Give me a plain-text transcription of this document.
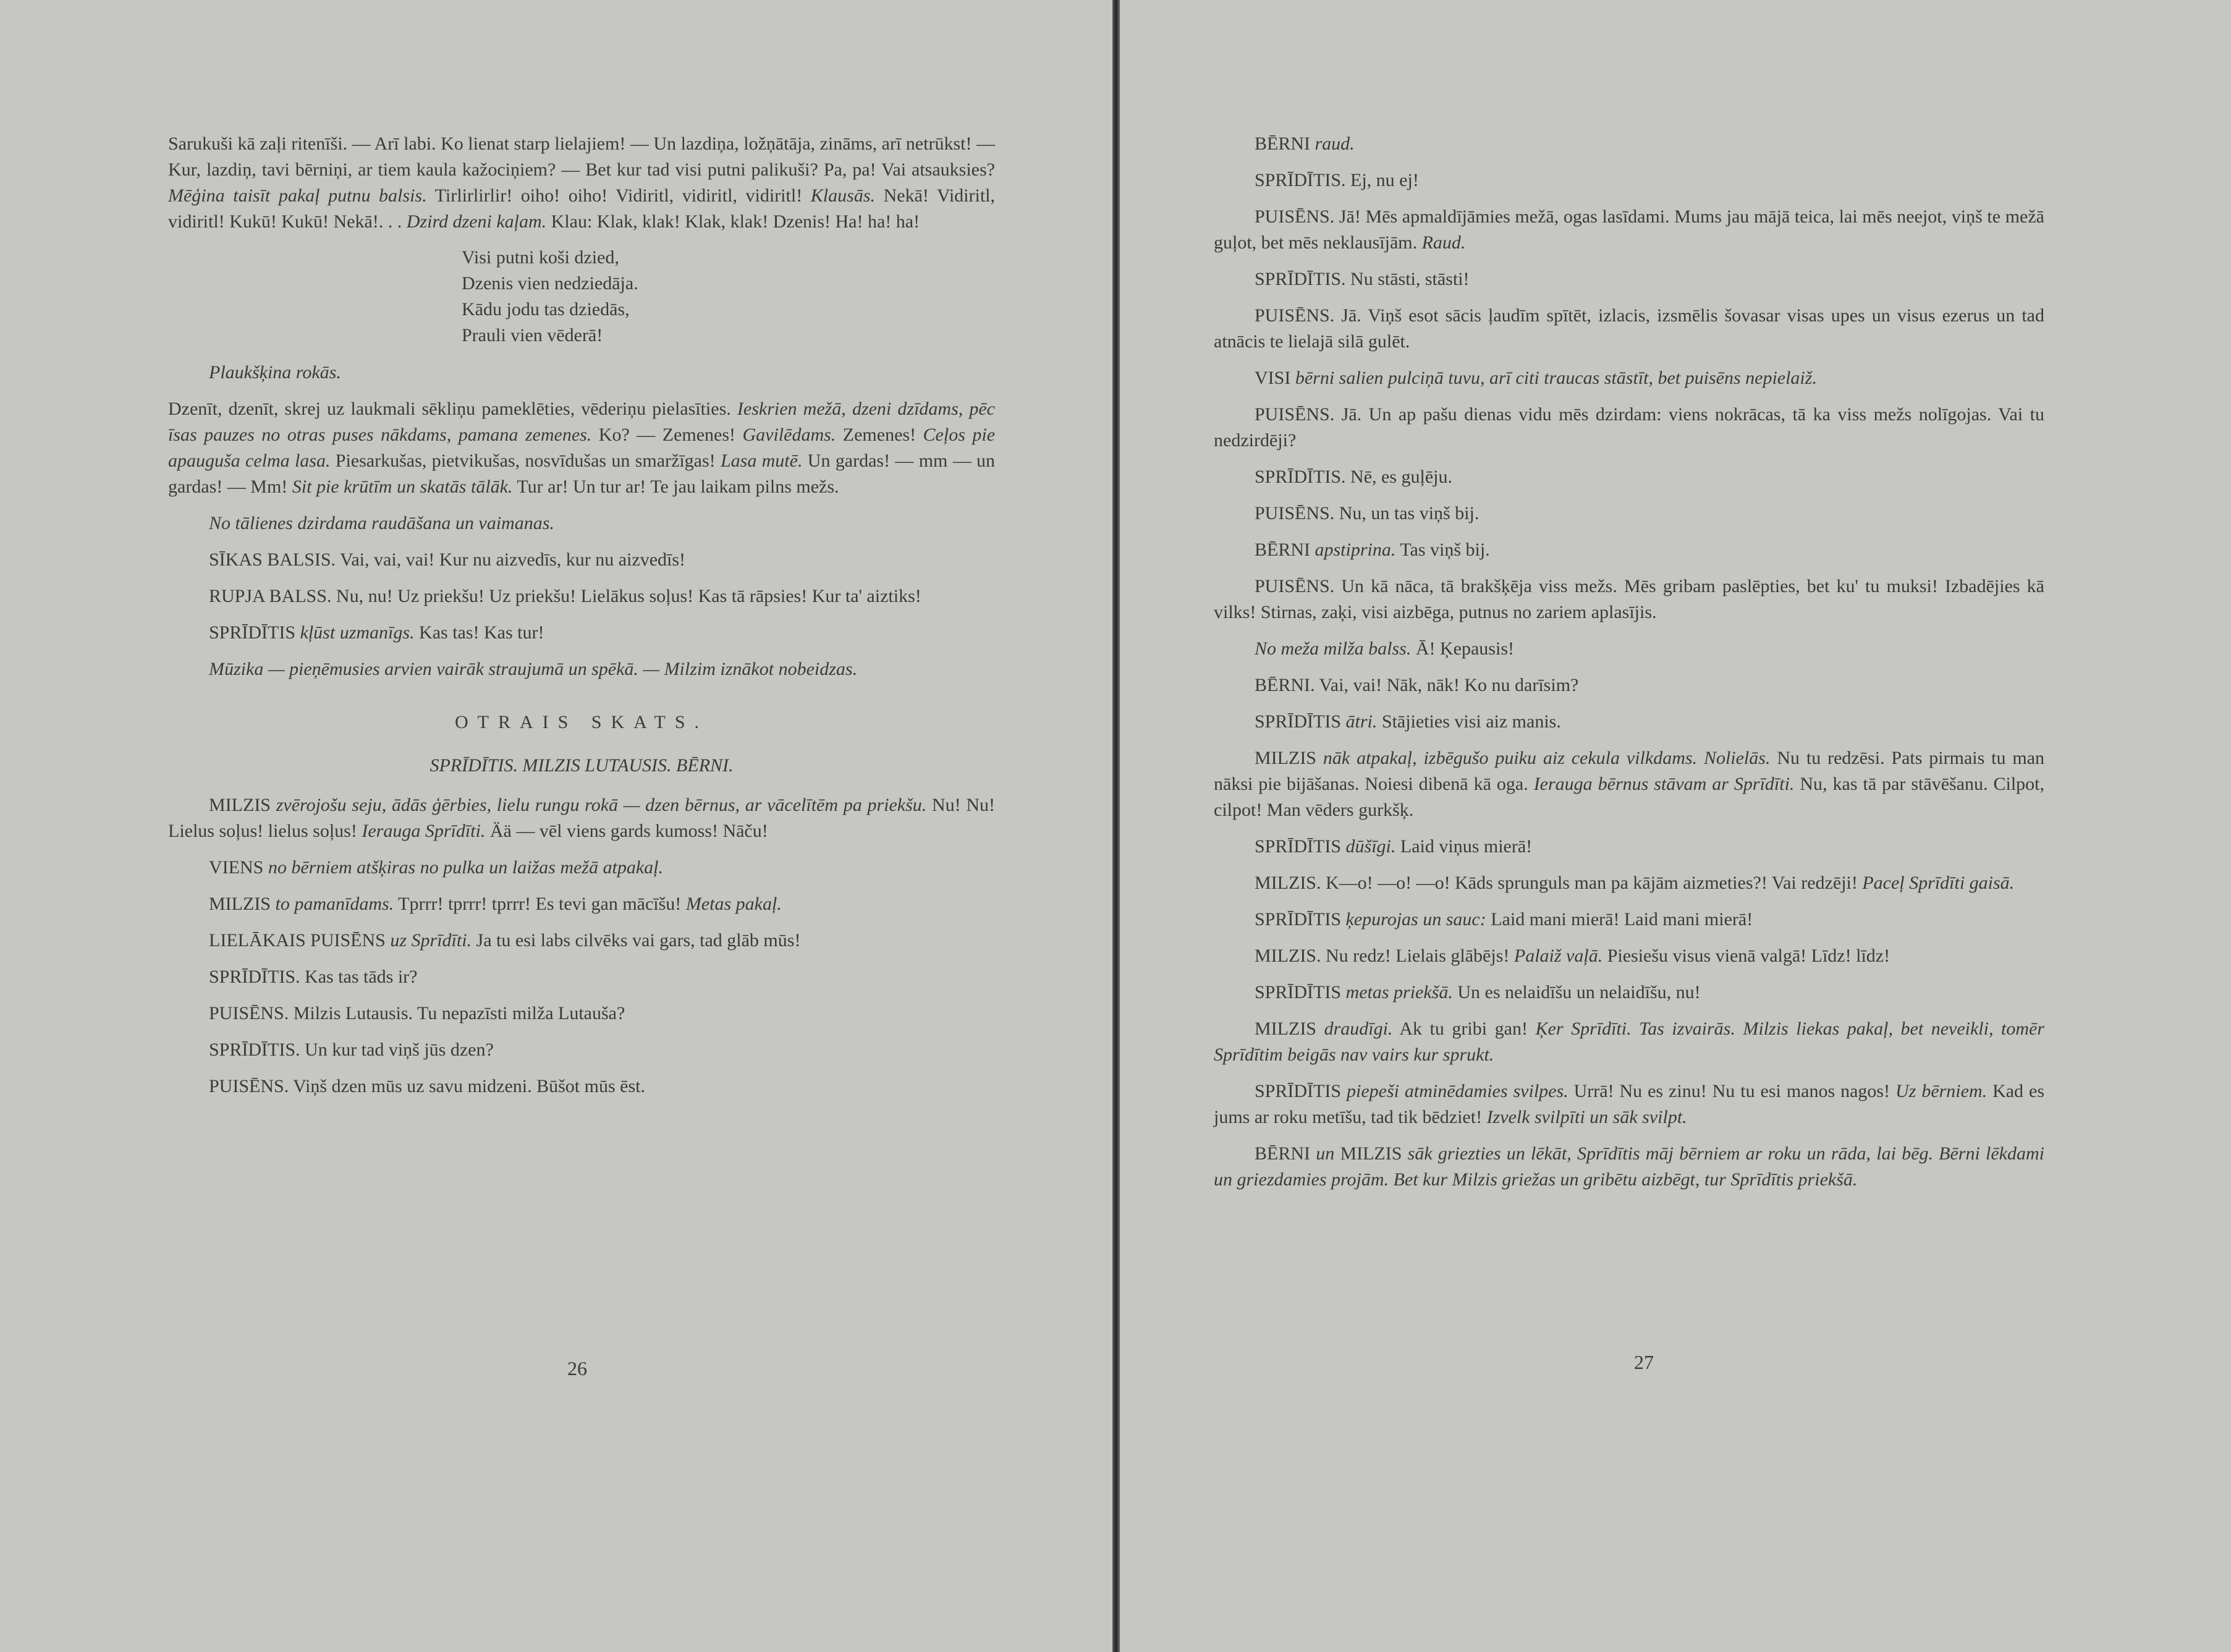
Sarukuši kā zaļi ritenīši. — Arī labi. Ko lienat starp lielajiem! — Un lazdiņa, ložņātāja, zināms, arī netrūkst! — Kur, lazdiņ, tavi bērniņi, ar tiem kaula kažociņiem? — Bet kur tad visi putni palikuši? Pa, pa! Vai atsauksies? Mēģina taisīt pakaļ putnu balsis. Tirlirlirlir! oiho! oiho! Vidiritl, vidiritl, vidiritl! Klausās. Nekā! Vidiritl, vidiritl! Kukū! Kukū! Nekā!. . . Dzird dzeni kaļam. Klau: Klak, klak! Klak, klak! Dzenis! Ha! ha! ha!

Visi putni koši dzied,
Dzenis vien nedziedāja.
Kādu jodu tas dziedās,
Prauli vien vēderā!

Plaukšķina rokās.

Dzenīt, dzenīt, skrej uz laukmali sēkliņu pameklēties, vēderiņu pielasīties. Ieskrien mežā, dzeni dzīdams, pēc īsas pauzes no otras puses nākdams, pamana zemenes. Ko? — Zemenes! Gavilēdams. Zemenes! Ceļos pie apauguša celma lasa. Piesarkušas, pietvikušas, nosvīdušas un smaržīgas! Lasa mutē. Un gardas! — mm — un gardas! — Mm! Sit pie krūtīm un skatās tālāk. Tur ar! Un tur ar! Te jau laikam pilns mežs.

No tālienes dzirdama raudāšana un vaimanas.

SĪKAS BALSIS. Vai, vai, vai! Kur nu aizvedīs, kur nu aizvedīs!

RUPJA BALSS. Nu, nu! Uz priekšu! Uz priekšu! Lielākus soļus! Kas tā rāpsies! Kur ta' aiztiks!

SPRĪDĪTIS kļūst uzmanīgs. Kas tas! Kas tur!

Mūzika — pieņēmusies arvien vairāk straujumā un spēkā. — Milzim iznākot nobeidzas.

OTRAIS SKATS.

SPRĪDĪTIS. MILZIS LUTAUSIS. BĒRNI.

MILZIS zvērojošu seju, ādās ģērbies, lielu rungu rokā — dzen bērnus, ar vācelītēm pa priekšu. Nu! Nu! Lielus soļus! lielus soļus! Ierauga Sprīdīti. Ää — vēl viens gards kumoss! Nāču!

VIENS no bērniem atšķiras no pulka un laižas mežā atpakaļ.

MILZIS to pamanīdams. Tprrr! tprrr! tprrr! Es tevi gan mācīšu! Metas pakaļ.

LIELĀKAIS PUISĒNS uz Sprīdīti. Ja tu esi labs cilvēks vai gars, tad glāb mūs!

SPRĪDĪTIS. Kas tas tāds ir?

PUISĒNS. Milzis Lutausis. Tu nepazīsti milža Lutauša?

SPRĪDĪTIS. Un kur tad viņš jūs dzen?

PUISĒNS. Viņš dzen mūs uz savu midzeni. Būšot mūs ēst.

26

BĒRNI raud.

SPRĪDĪTIS. Ej, nu ej!

PUISĒNS. Jā! Mēs apmaldījāmies mežā, ogas lasīdami. Mums jau mājā teica, lai mēs neejot, viņš te mežā guļot, bet mēs neklausījām. Raud.

SPRĪDĪTIS. Nu stāsti, stāsti!

PUISĒNS. Jā. Viņš esot sācis ļaudīm spītēt, izlacis, izsmēlis šovasar visas upes un visus ezerus un tad atnācis te lielajā silā gulēt.

VISI bērni salien pulciņā tuvu, arī citi traucas stāstīt, bet puisēns nepielaiž.

PUISĒNS. Jā. Un ap pašu dienas vidu mēs dzirdam: viens nokrācas, tā ka viss mežs nolīgojas. Vai tu nedzirdēji?

SPRĪDĪTIS. Nē, es guļēju.

PUISĒNS. Nu, un tas viņš bij.

BĒRNI apstiprina. Tas viņš bij.

PUISĒNS. Un kā nāca, tā brakšķēja viss mežs. Mēs gribam paslēpties, bet ku' tu muksi! Izbadējies kā vilks! Stirnas, zaķi, visi aizbēga, putnus no zariem aplasījis.

No meža milža balss. Ā! Ķepausis!

BĒRNI. Vai, vai! Nāk, nāk! Ko nu darīsim?

SPRĪDĪTIS ātri. Stājieties visi aiz manis.

MILZIS nāk atpakaļ, izbēgušo puiku aiz cekula vilkdams. Nolielās. Nu tu redzēsi. Pats pirmais tu man nāksi pie bijāšanas. Noiesi dibenā kā oga. Ierauga bērnus stāvam ar Sprīdīti. Nu, kas tā par stāvēšanu. Cilpot, cilpot! Man vēders gurkšķ.

SPRĪDĪTIS dūšīgi. Laid viņus mierā!

MILZIS. K—o! —o! —o! Kāds sprunguls man pa kājām aizmeties?! Vai redzēji! Paceļ Sprīdīti gaisā.

SPRĪDĪTIS ķepurojas un sauc: Laid mani mierā! Laid mani mierā!

MILZIS. Nu redz! Lielais glābējs! Palaiž vaļā. Piesiešu visus vienā valgā! Līdz! līdz!

SPRĪDĪTIS metas priekšā. Un es nelaidīšu un nelaidīšu, nu!

MILZIS draudīgi. Ak tu gribi gan! Ķer Sprīdīti. Tas izvairās. Milzis liekas pakaļ, bet neveikli, tomēr Sprīdītim beigās nav vairs kur sprukt.

SPRĪDĪTIS piepeši atminēdamies svilpes. Urrā! Nu es zinu! Nu tu esi manos nagos! Uz bērniem. Kad es jums ar roku metīšu, tad tik bēdziet! Izvelk svilpīti un sāk svilpt.

BĒRNI un MILZIS sāk griezties un lēkāt, Sprīdītis māj bērniem ar roku un rāda, lai bēg. Bērni lēkdami un griezdamies projām. Bet kur Milzis griežas un gribētu aizbēgt, tur Sprīdītis priekšā.

27
